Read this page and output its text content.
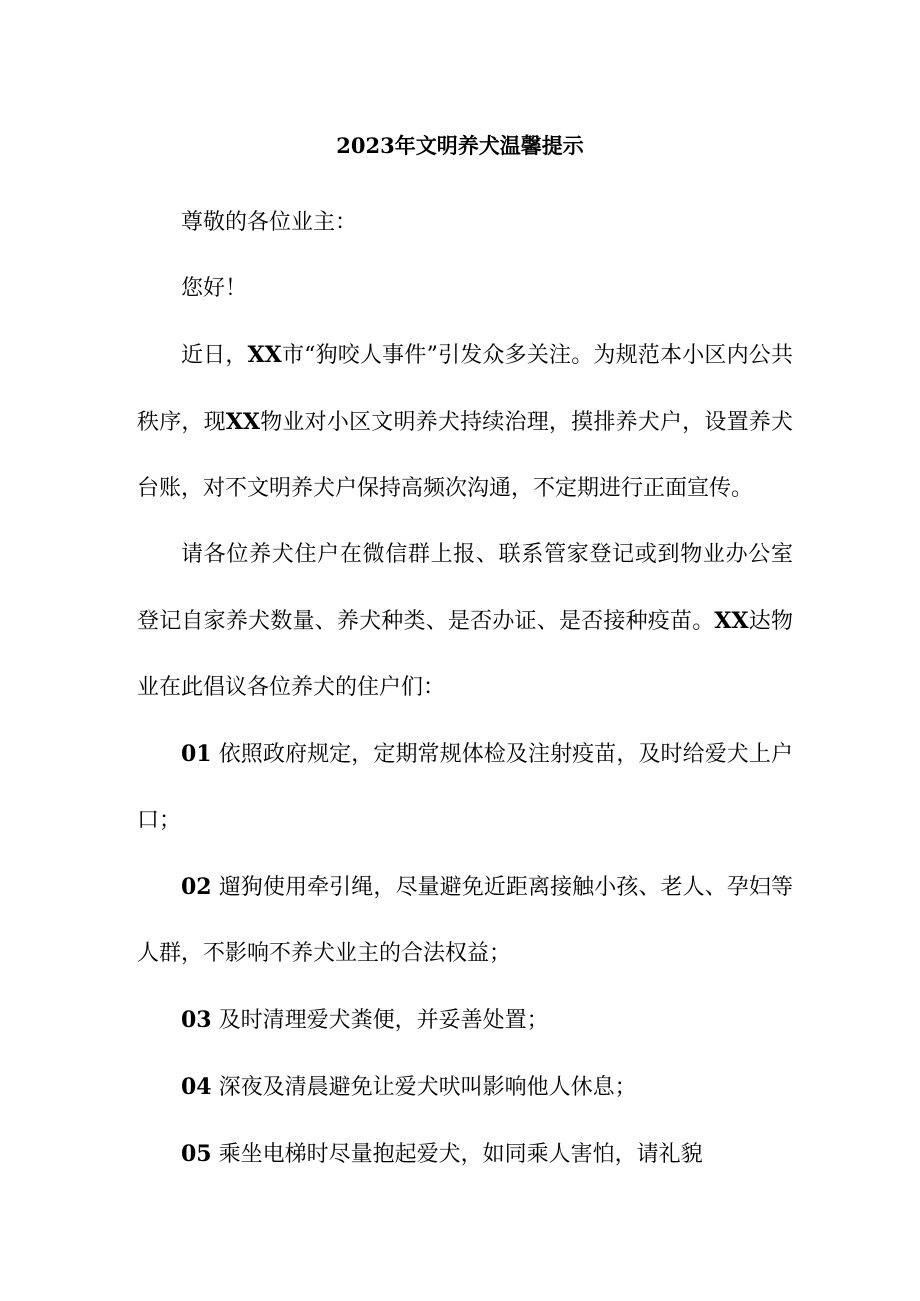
2023年文明养犬温馨提示

尊敬的各位业主：

您好！

近日，XX市“狗咬人事件”引发众多关注。为规范本小区内公共秩序，现XX物业对小区文明养犬持续治理，摸排养犬户，设置养犬台账，对不文明养犬户保持高频次沟通，不定期进行正面宣传。

请各位养犬住户在微信群上报、联系管家登记或到物业办公室登记自家养犬数量、养犬种类、是否办证、是否接种疫苗。XX达物业在此倡议各位养犬的住户们：

01 依照政府规定，定期常规体检及注射疫苗，及时给爱犬上户口；

02 遛狗使用牵引绳，尽量避免近距离接触小孩、老人、孕妇等人群，不影响不养犬业主的合法权益；

03 及时清理爱犬粪便，并妥善处置；

04 深夜及清晨避免让爱犬吠叫影响他人休息；

05 乘坐电梯时尽量抱起爱犬，如同乘人害怕，请礼貌
